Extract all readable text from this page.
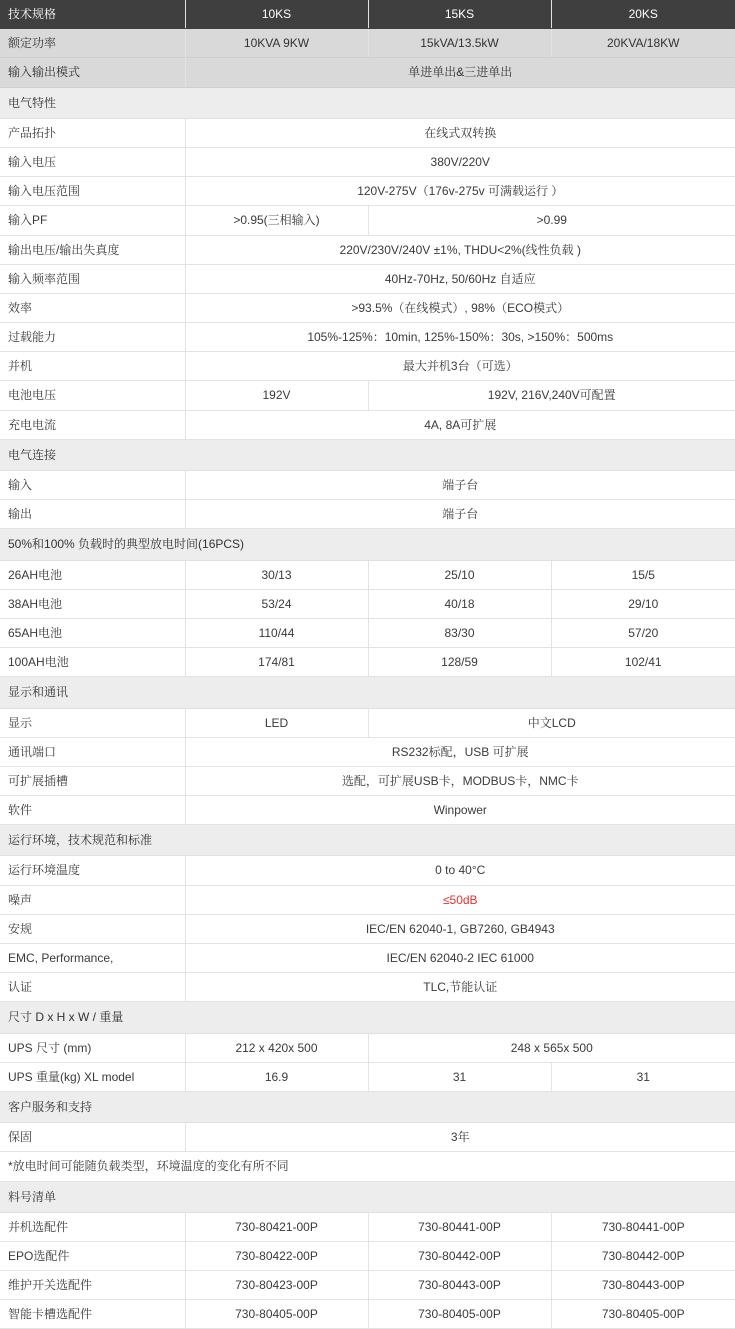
技术规格	10KS	15KS	20KS
额定功率	10KVA 9KW	15kVA/13.5kW	20KVA/18KW
输入输出模式	单进单出&三进单出		
电气特性			
产品拓扑	在线式双转换		
输入电压	380V/220V		
输入电压范围	120V-275V（176v-275v 可满载运行 ）		
输入PF	>0.95(三相输入)	>0.99	
输出电压/输出失真度	220V/230V/240V ±1%, THDU<2%(线性负载 )		
输入频率范围	40Hz-70Hz, 50/60Hz 自适应		
效率	>93.5%（在线模式）, 98%（ECO模式）		
过载能力	105%-125%：10min, 125%-150%：30s, >150%：500ms		
并机	最大并机3台（可选）		
电池电压	192V	192V, 216V,240V可配置	
充电电流	4A, 8A可扩展		
电气连接			
输入	端子台		
输出	端子台		
50%和100% 负载时的典型放电时间(16PCS)			
26AH电池	30/13	25/10	15/5
38AH电池	53/24	40/18	29/10
65AH电池	110/44	83/30	57/20
100AH电池	174/81	128/59	102/41
显示和通讯			
显示	LED	中文LCD	
通讯端口	RS232标配，USB 可扩展		
可扩展插槽	选配，可扩展USB卡，MODBUS卡，NMC卡		
软件	Winpower		
运行环境，技术规范和标准			
运行环境温度	0 to 40°C		
噪声	≤50dB		
安规	IEC/EN 62040-1, GB7260, GB4943		
EMC, Performance,	IEC/EN 62040-2 IEC 61000		
认证	TLC,节能认证		
尺寸 D x H x W / 重量			
UPS 尺寸 (mm)	212 x 420x 500	248 x 565x 500	
UPS 重量(kg) XL model	16.9	31	31
客户服务和支持			
保固	3年		
*放电时间可能随负载类型，环境温度的变化有所不同			
料号清单			
并机选配件	730-80421-00P	730-80441-00P	730-80441-00P
EPO选配件	730-80422-00P	730-80442-00P	730-80442-00P
维护开关选配件	730-80423-00P	730-80443-00P	730-80443-00P
智能卡槽选配件	730-80405-00P	730-80405-00P	730-80405-00P
